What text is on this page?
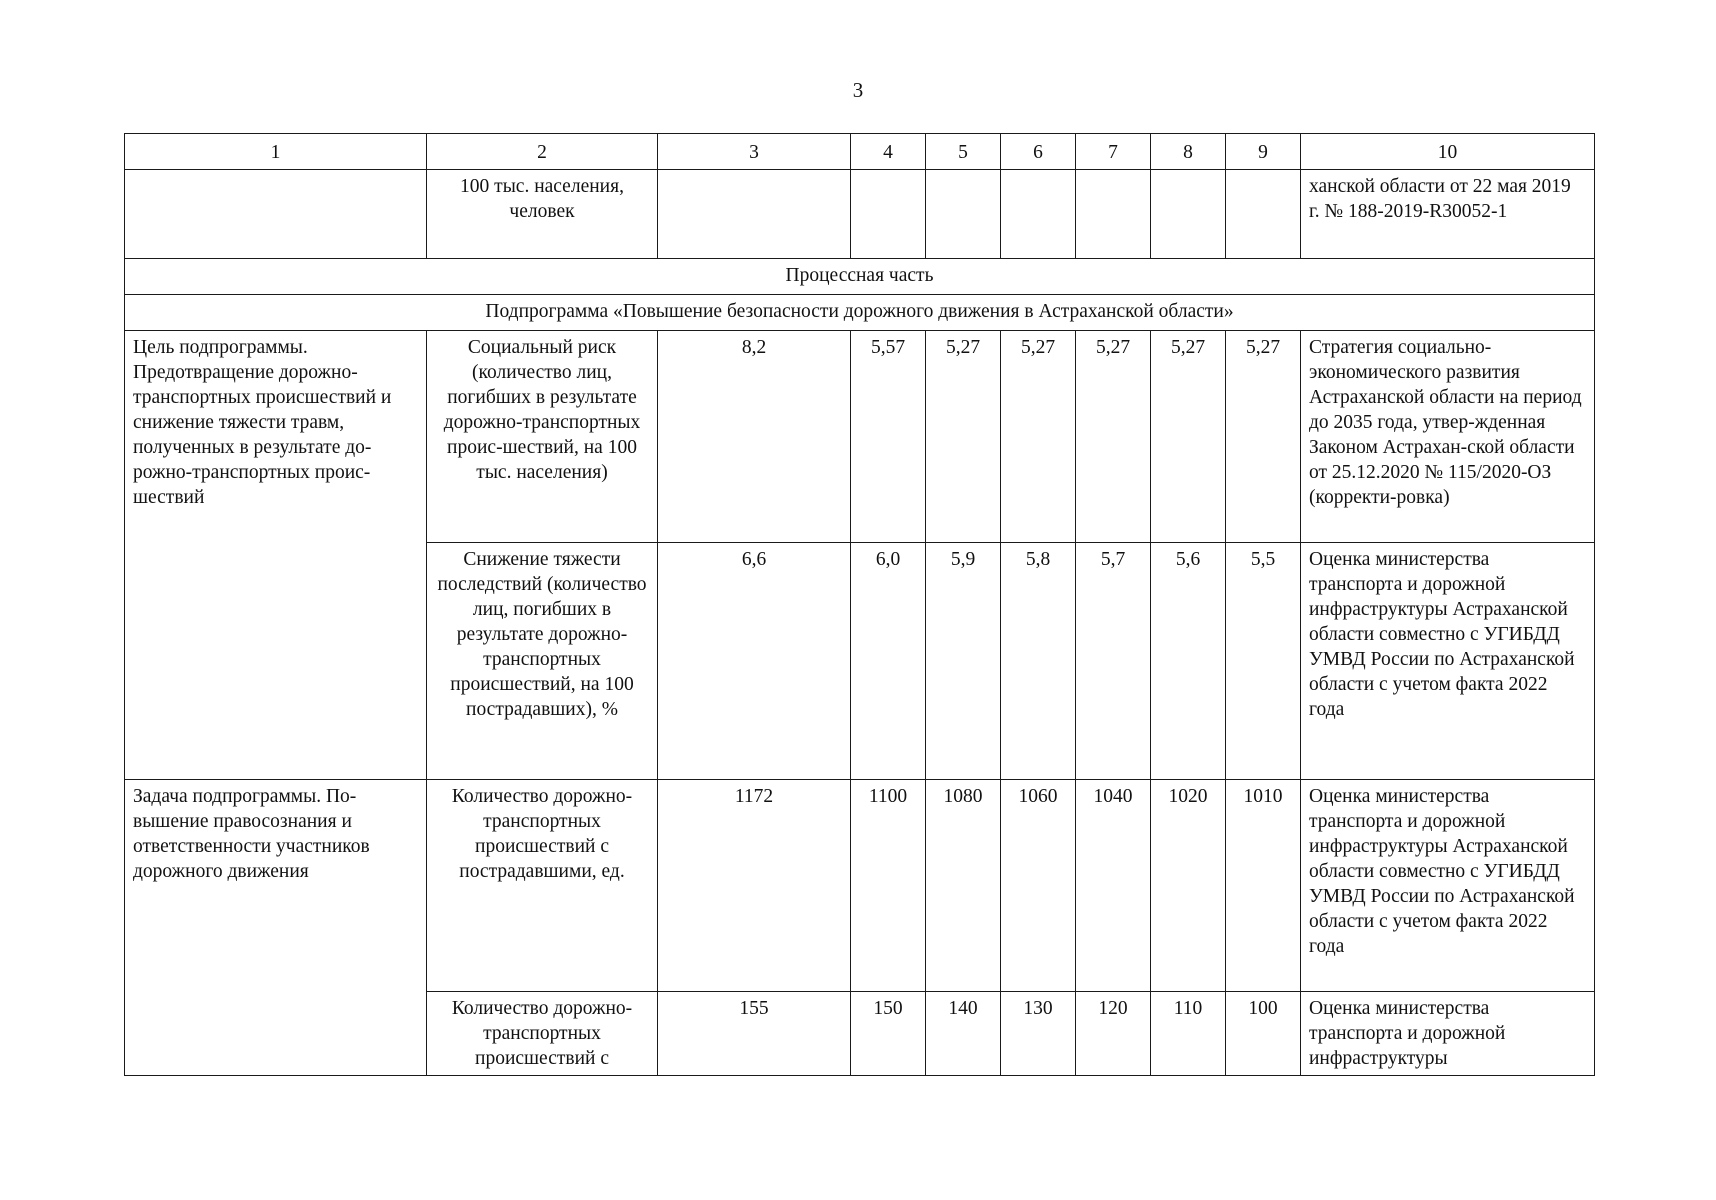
3
1	2	3	4	5	6	7	8	9	10
	100 тыс. населения, человек								ханской области от 22 мая 2019 г. № 188-2019-R30052-1
Процессная часть									
Подпрограмма «Повышение безопасности дорожного движения в Астраханской области»									
Цель подпрограммы. Предотвращение дорожно-транспортных происшествий и снижение тяжести травм, полученных в результате до-рожно-транспортных проис-шествий	Социальный риск (количество лиц, погибших в результате дорожно-транспортных проис-шествий, на 100 тыс. населения)	8,2	5,57	5,27	5,27	5,27	5,27	5,27	Стратегия социально-экономического развития Астраханской области на период до 2035 года, утвер-жденная Законом Астрахан-ской области от 25.12.2020 № 115/2020-ОЗ (корректи-ровка)
	Снижение тяжести последствий (количество лиц, погибших в результате дорожно-транспортных происшествий, на 100 пострадавших), %	6,6	6,0	5,9	5,8	5,7	5,6	5,5	Оценка министерства транспорта и дорожной инфраструктуры Астраханской области совместно с УГИБДД УМВД России по Астраханской области с учетом факта 2022 года
Задача подпрограммы. По-вышение правосознания и ответственности участников дорожного движения	Количество дорожно-транспортных происшествий с пострадавшими, ед.	1172	1100	1080	1060	1040	1020	1010	Оценка министерства транспорта и дорожной инфраструктуры Астраханской области совместно с УГИБДД УМВД России по Астраханской области с учетом факта 2022 года
	Количество дорожно-транспортных происшествий с	155	150	140	130	120	110	100	Оценка министерства транспорта и дорожной инфраструктуры
